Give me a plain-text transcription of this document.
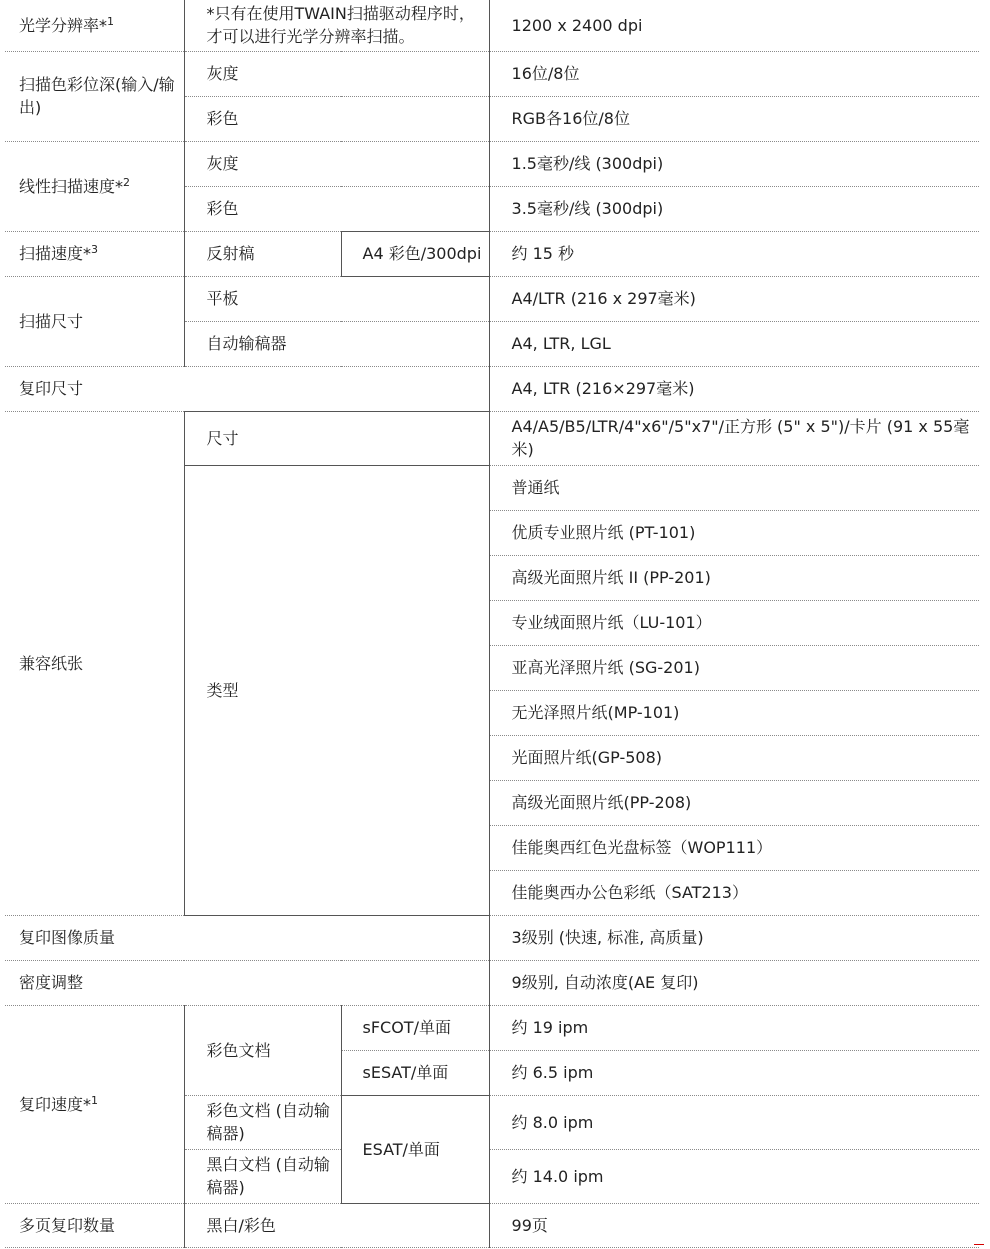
光学分辨率*$^1$	*只有在使用TWAIN扫描驱动程序时，才可以进行光学分辨率扫描。		1200 x 2400 dpi
扫描色彩位深(输入/输出)	灰度		16位/8位
	彩色		RGB各16位/8位
线性扫描速度*$^2$	灰度		1.5毫秒/线 (300dpi)
	彩色		3.5毫秒/线 (300dpi)
扫描速度*$^3$	反射稿	A4 彩色/300dpi	约 15 秒
扫描尺寸	平板		A4/LTR (216 x 297毫米)
	自动输稿器		A4, LTR, LGL
复印尺寸			A4, LTR (216×297毫米)
兼容纸张	尺寸		A4/A5/B5/LTR/4"x6"/5"x7"/正方形 (5" x 5")/卡片 (91 x 55毫米)
	类型		普通纸
			优质专业照片纸 (PT-101)
			高级光面照片纸 II (PP-201)
			专业绒面照片纸（LU-101）
			亚高光泽照片纸 (SG-201)
			无光泽照片纸(MP-101)
			光面照片纸(GP-508)
			高级光面照片纸(PP-208)
			佳能奥西红色光盘标签（WOP111）
			佳能奥西办公色彩纸（SAT213）
复印图像质量			3级别 (快速, 标准, 高质量)
密度调整			9级别, 自动浓度(AE 复印)
复印速度*$^1$	彩色文档	sFCOT/单面	约 19 ipm
		sESAT/单面	约 6.5 ipm
	彩色文档 (自动输稿器)	ESAT/单面	约 8.0 ipm
	黑白文档 (自动输稿器)		约 14.0 ipm
多页复印数量	黑白/彩色		99页
